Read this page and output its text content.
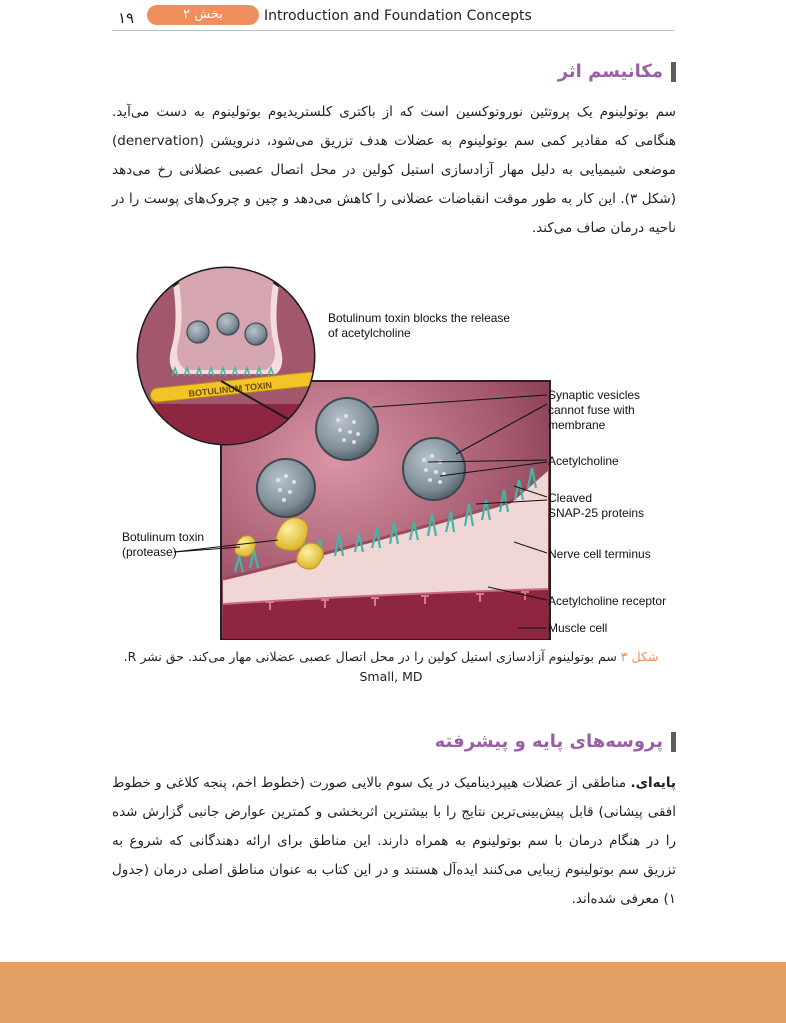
۱۹	بخش ۲	Introduction and Foundation Concepts
مکانیسم اثر

سم بوتولینوم یک پروتئین نوروتوکسین است که از باکتری کلستریدیوم بوتولینوم به دست می‌آید. هنگامی که مقادیر کمی سم بوتولینوم به عضلات هدف تزریق می‌شود، دنرویشن (denervation) موضعی شیمیایی به دلیل مهار آزادسازی استیل کولین در محل اتصال عصبی عضلانی رخ می‌دهد (شکل ۳). این کار به طور موقت انقباضات عضلانی را کاهش می‌دهد و چین و چروک‌های پوست را در ناحیه درمان صاف می‌کند.

BOTULINUM TOXIN
Botulinum toxin blocks the release
of acetylcholine
Synaptic vesicles
cannot fuse with
membrane
Acetylcholine
Cleaved
SNAP-25 proteins
Nerve cell terminus
Acetylcholine receptor
Muscle cell
Botulinum toxin
(protease)

شکل ۳ سم بوتولینوم آزادسازی استیل کولین را در محل اتصال عصبی عضلانی مهار می‌کند. حق نشر R.
Small, MD

پروسه‌های پایه و پیشرفته

پایه‌ای. مناطقی از عضلات هیپردینامیک در یک سوم بالایی صورت (خطوط اخم، پنجه کلاغی و خطوط افقی پیشانی) قابل پیش‌بینی‌ترین نتایج را با بیشترین اثربخشی و کمترین عوارض جانبی گزارش شده را در هنگام درمان با سم بوتولینوم به همراه دارند. این مناطق برای ارائه دهندگانی که شروع به تزریق سم بوتولینوم زیبایی می‌کنند ایده‌آل هستند و در این کتاب به عنوان مناطق اصلی درمان (جدول ۱) معرفی شده‌اند.
